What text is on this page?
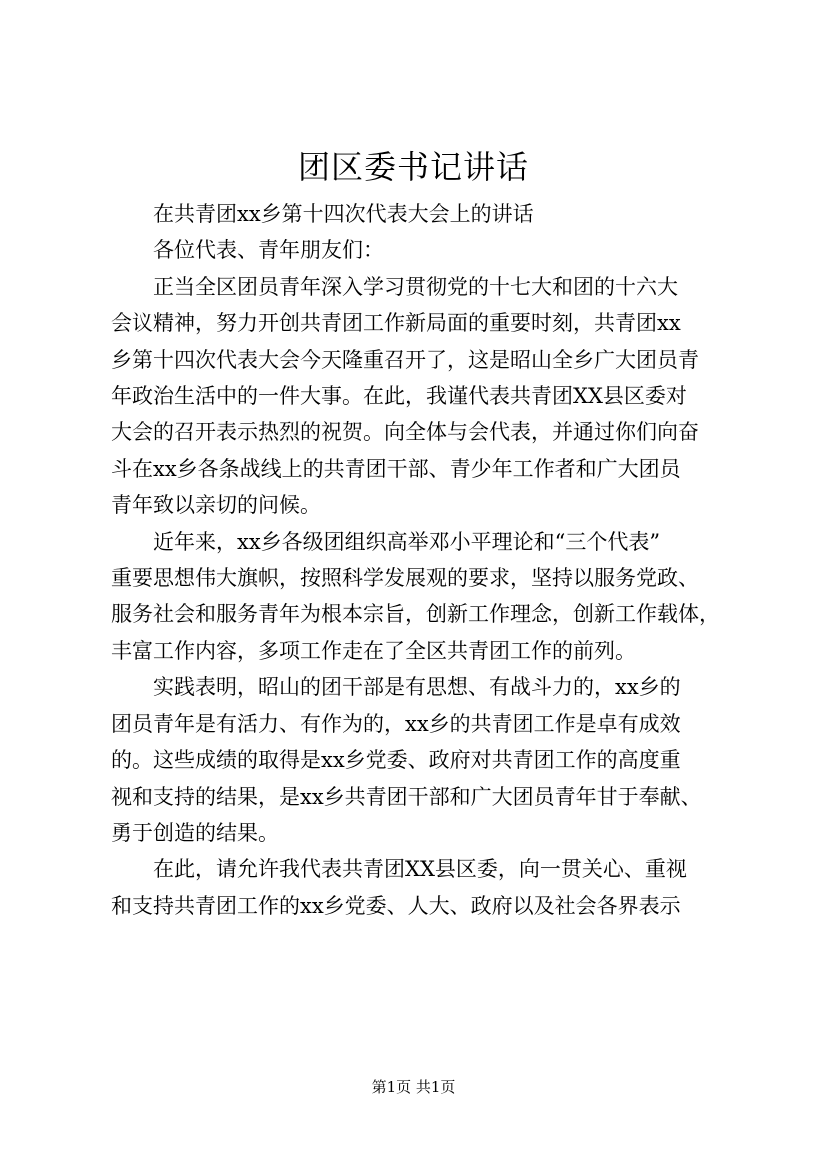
团区委书记讲话
在共青团xx乡第十四次代表大会上的讲话
各位代表、青年朋友们：
正当全区团员青年深入学习贯彻党的十七大和团的十六大
会议精神，努力开创共青团工作新局面的重要时刻，共青团xx
乡第十四次代表大会今天隆重召开了，这是昭山全乡广大团员青
年政治生活中的一件大事。在此，我谨代表共青团XX县区委对
大会的召开表示热烈的祝贺。向全体与会代表，并通过你们向奋
斗在xx乡各条战线上的共青团干部、青少年工作者和广大团员
青年致以亲切的问候。
近年来，xx乡各级团组织高举邓小平理论和“三个代表”
重要思想伟大旗帜，按照科学发展观的要求，坚持以服务党政、
服务社会和服务青年为根本宗旨，创新工作理念，创新工作载体，
丰富工作内容，多项工作走在了全区共青团工作的前列。
实践表明，昭山的团干部是有思想、有战斗力的，xx乡的
团员青年是有活力、有作为的，xx乡的共青团工作是卓有成效
的。这些成绩的取得是xx乡党委、政府对共青团工作的高度重
视和支持的结果，是xx乡共青团干部和广大团员青年甘于奉献、
勇于创造的结果。
在此，请允许我代表共青团XX县区委，向一贯关心、重视
和支持共青团工作的xx乡党委、人大、政府以及社会各界表示
第1页 共1页
